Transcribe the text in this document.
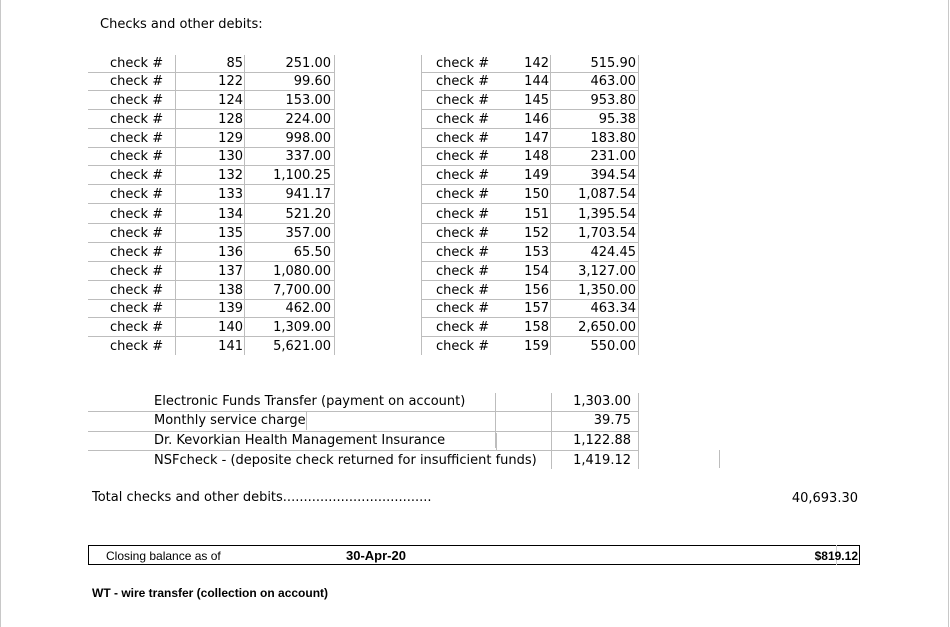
Checks and other debits:
check #	85	251.00
check #	122	99.60
check #	124	153.00
check #	128	224.00
check #	129	998.00
check #	130	337.00
check #	132	1,100.25
check #	133	941.17
check #	134	521.20
check #	135	357.00
check #	136	65.50
check #	137	1,080.00
check #	138	7,700.00
check #	139	462.00
check #	140	1,309.00
check #	141	5,621.00
check #	142	515.90
check #	144	463.00
check #	145	953.80
check #	146	95.38
check #	147	183.80
check #	148	231.00
check #	149	394.54
check #	150	1,087.54
check #	151	1,395.54
check #	152	1,703.54
check #	153	424.45
check #	154	3,127.00
check #	156	1,350.00
check #	157	463.34
check #	158	2,650.00
check #	159	550.00
Electronic Funds Transfer (payment on account)	1,303.00
Monthly service charge	39.75
Dr. Kevorkian Health Management Insurance	1,122.88
NSFcheck - (deposite check returned for insufficient funds)	1,419.12
Total checks and other debits....................................	40,693.30
Closing balance as of	30-Apr-20	$819.12
WT - wire transfer (collection on account)
